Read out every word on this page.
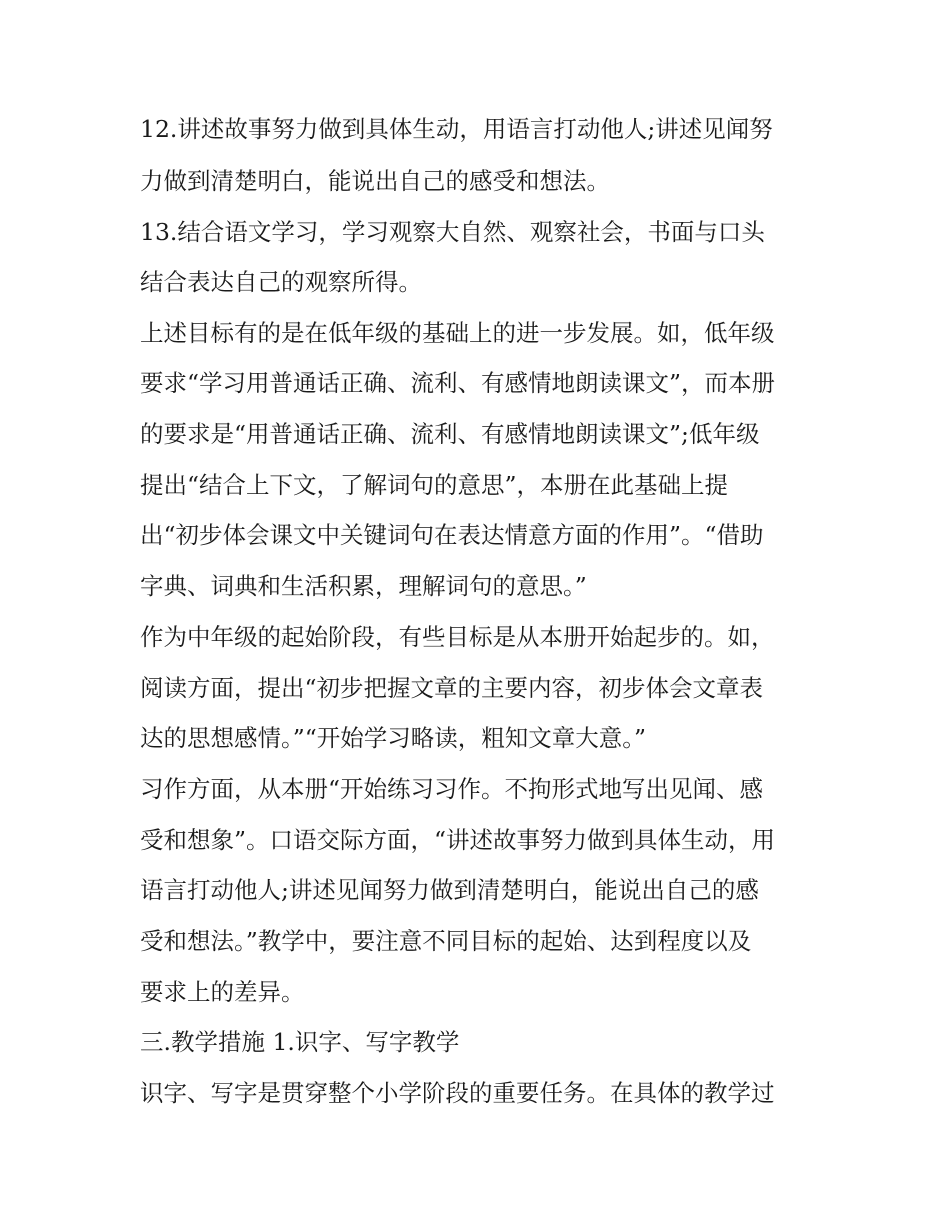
12.讲述故事努力做到具体生动，用语言打动他人;讲述见闻努
力做到清楚明白，能说出自己的感受和想法。
13.结合语文学习，学习观察大自然、观察社会，书面与口头
结合表达自己的观察所得。
上述目标有的是在低年级的基础上的进一步发展。如，低年级
要求“学习用普通话正确、流利、有感情地朗读课文”，而本册
的要求是“用普通话正确、流利、有感情地朗读课文”;低年级
提出“结合上下文，了解词句的意思”，本册在此基础上提
出“初步体会课文中关键词句在表达情意方面的作用”。“借助
字典、词典和生活积累，理解词句的意思。”
作为中年级的起始阶段，有些目标是从本册开始起步的。如，
阅读方面，提出“初步把握文章的主要内容，初步体会文章表
达的思想感情。”“开始学习略读，粗知文章大意。”
习作方面，从本册“开始练习习作。不拘形式地写出见闻、感
受和想象”。口语交际方面，“讲述故事努力做到具体生动，用
语言打动他人;讲述见闻努力做到清楚明白，能说出自己的感
受和想法。”教学中，要注意不同目标的起始、达到程度以及
要求上的差异。
三.教学措施 1.识字、写字教学
识字、写字是贯穿整个小学阶段的重要任务。在具体的教学过
